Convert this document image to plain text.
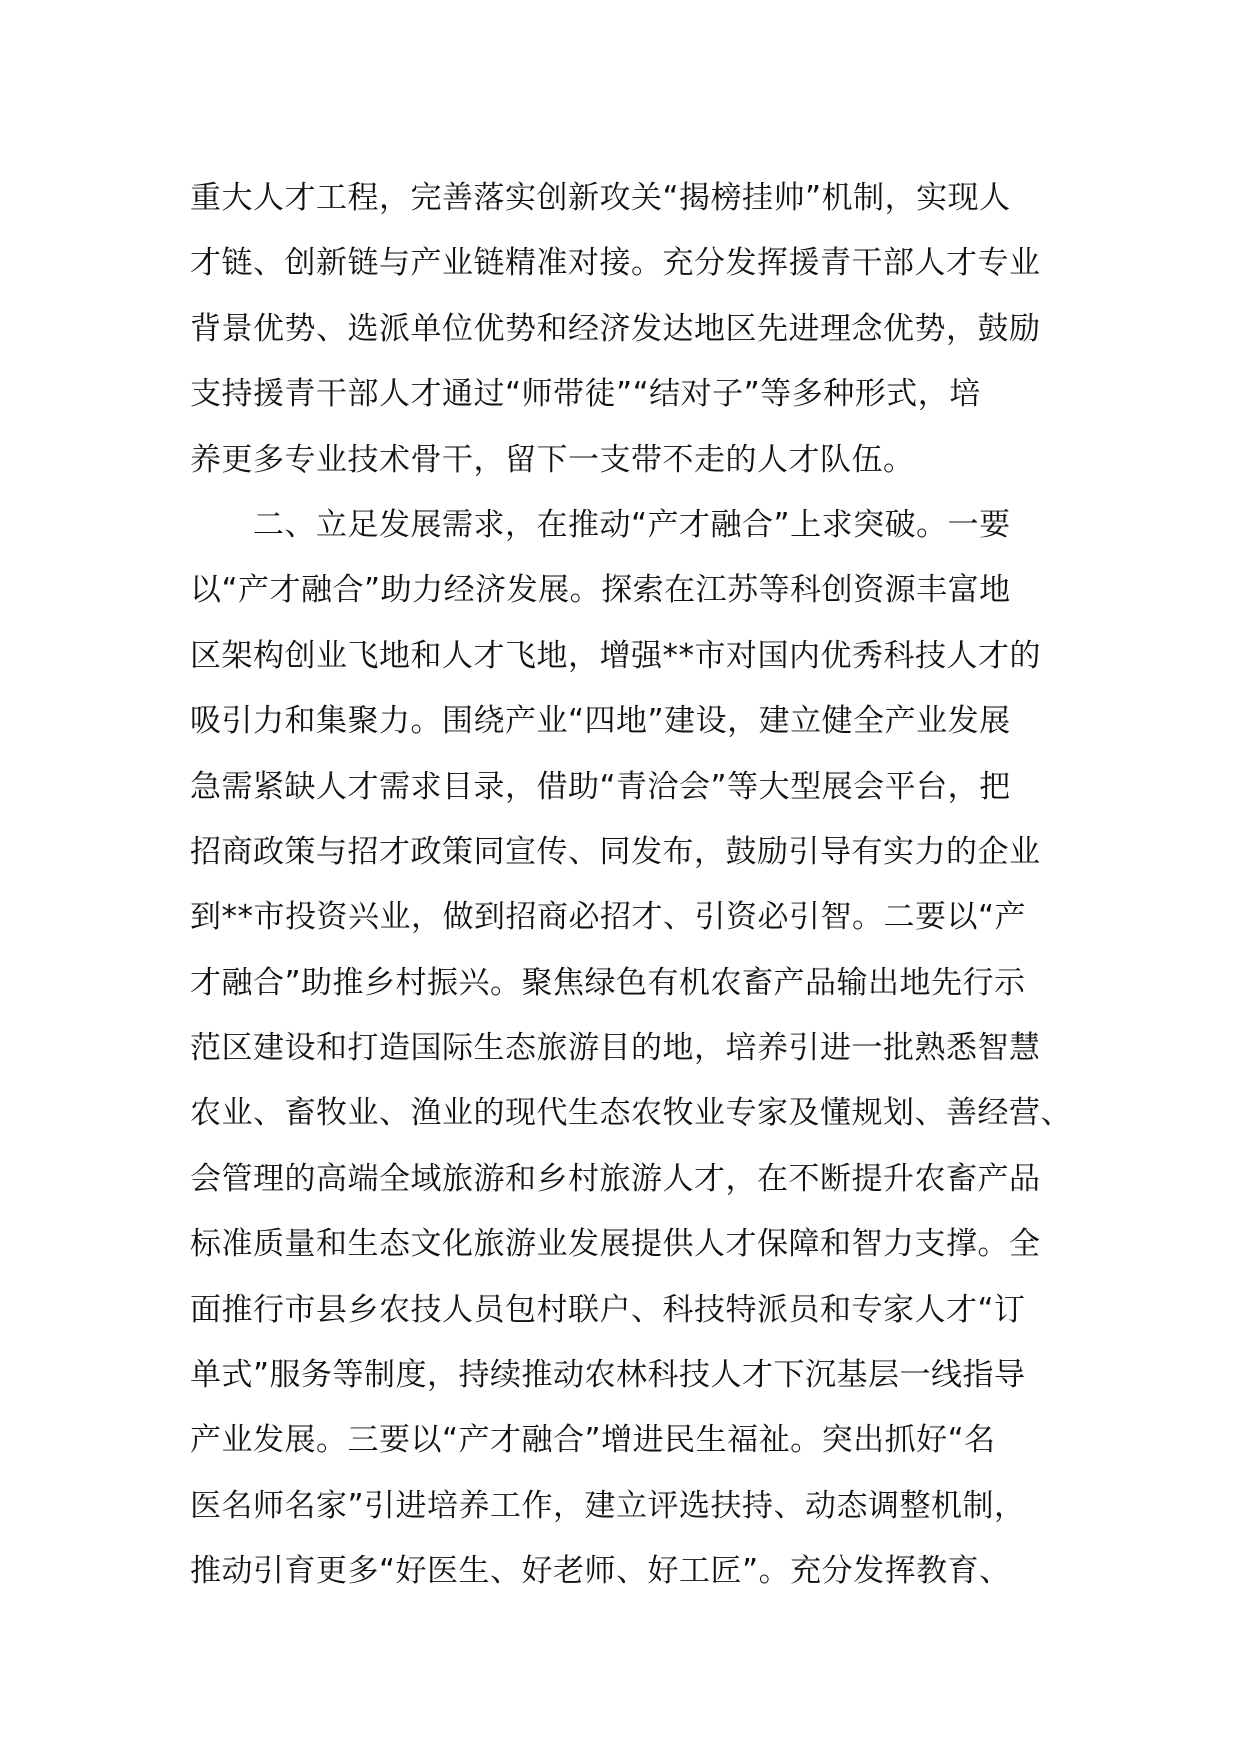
重大人才工程，完善落实创新攻关“揭榜挂帅”机制，实现人
才链、创新链与产业链精准对接。充分发挥援青干部人才专业
背景优势、选派单位优势和经济发达地区先进理念优势，鼓励
支持援青干部人才通过“师带徒”“结对子”等多种形式，培
养更多专业技术骨干，留下一支带不走的人才队伍。
　　二、立足发展需求，在推动“产才融合”上求突破。一要
以“产才融合”助力经济发展。探索在江苏等科创资源丰富地
区架构创业飞地和人才飞地，增强**市对国内优秀科技人才的
吸引力和集聚力。围绕产业“四地”建设，建立健全产业发展
急需紧缺人才需求目录，借助“青洽会”等大型展会平台，把
招商政策与招才政策同宣传、同发布，鼓励引导有实力的企业
到**市投资兴业，做到招商必招才、引资必引智。二要以“产
才融合”助推乡村振兴。聚焦绿色有机农畜产品输出地先行示
范区建设和打造国际生态旅游目的地，培养引进一批熟悉智慧
农业、畜牧业、渔业的现代生态农牧业专家及懂规划、善经营、
会管理的高端全域旅游和乡村旅游人才，在不断提升农畜产品
标准质量和生态文化旅游业发展提供人才保障和智力支撑。全
面推行市县乡农技人员包村联户、科技特派员和专家人才“订
单式”服务等制度，持续推动农林科技人才下沉基层一线指导
产业发展。三要以“产才融合”增进民生福祉。突出抓好“名
医名师名家”引进培养工作，建立评选扶持、动态调整机制，
推动引育更多“好医生、好老师、好工匠”。充分发挥教育、
